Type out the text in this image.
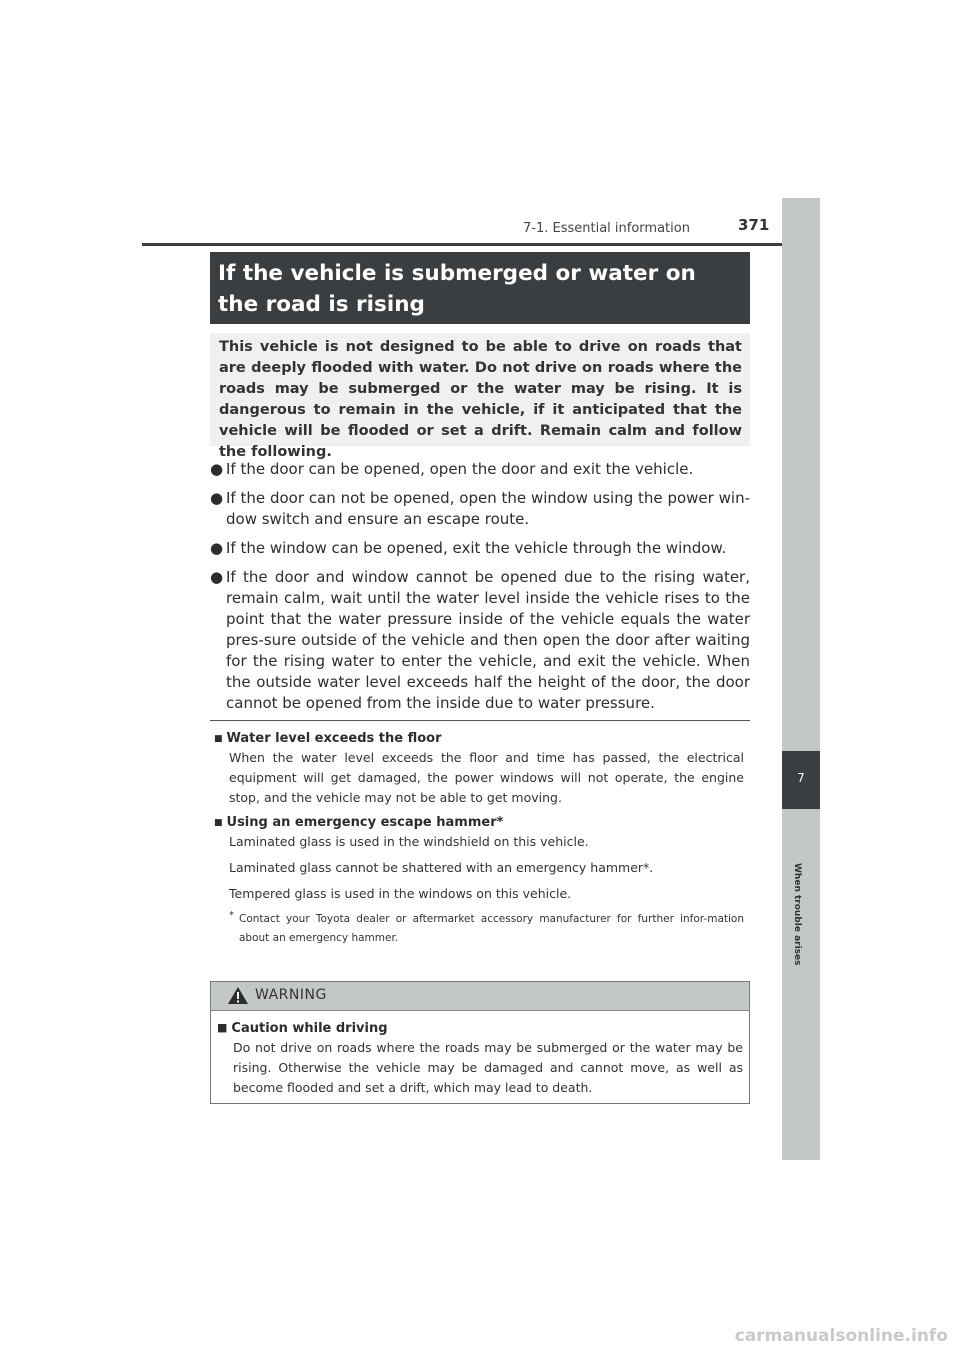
371
7-1. Essential information
7
If the vehicle is submerged or water on the road is rising
This vehicle is not designed to be able to drive on roads that are deeply flooded with water. Do not drive on roads where the roads may be submerged or the water may be rising. It is dangerous to remain in the vehicle, if it anticipated that the vehicle will be flooded or set a drift. Remain calm and follow the following.
● If the door can be opened, open the door and exit the vehicle.
● If the door can not be opened, open the window using the power win-dow switch and ensure an escape route.
● If the window can be opened, exit the vehicle through the window.
● If the door and window cannot be opened due to the rising water, remain calm, wait until the water level inside the vehicle rises to the point that the water pressure inside of the vehicle equals the water pres-sure outside of the vehicle and then open the door after waiting for the rising water to enter the vehicle, and exit the vehicle. When the outside water level exceeds half the height of the door, the door cannot be opened from the inside due to water pressure.
■ Water level exceeds the floor
When the water level exceeds the floor and time has passed, the electrical equipment will get damaged, the power windows will not operate, the engine stop, and the vehicle may not be able to get moving.
■ Using an emergency escape hammer*
Laminated glass is used in the windshield on this vehicle.
Laminated glass cannot be shattered with an emergency hammer*.
Tempered glass is used in the windows on this vehicle.
* Contact your Toyota dealer or aftermarket accessory manufacturer for further infor-mation about an emergency hammer.
WARNING
■ Caution while driving
Do not drive on roads where the roads may be submerged or the water may be rising. Otherwise the vehicle may be damaged and cannot move, as well as become flooded and set a drift, which may lead to death.
carmanualsonline.info
